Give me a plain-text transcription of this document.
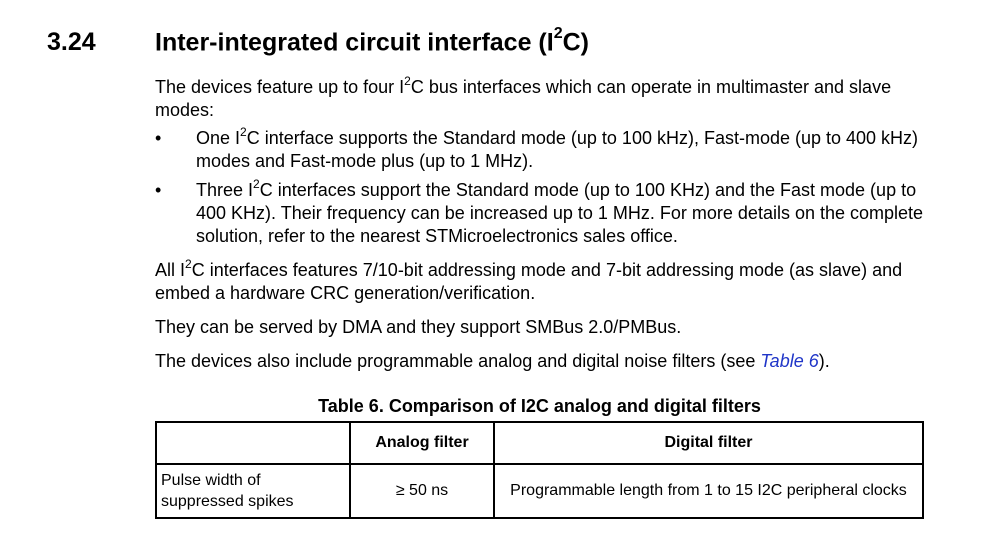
3.24 Inter-integrated circuit interface $(I^2C)$
The devices feature up to four $I^2C$ bus interfaces which can operate in multimaster and slave modes:
• One $I^2C$ interface supports the Standard mode (up to 100 kHz), Fast-mode (up to 400 kHz) modes and Fast-mode plus (up to 1 MHz).
• Three $I^2C$ interfaces support the Standard mode (up to 100 KHz) and the Fast mode (up to 400 KHz). Their frequency can be increased up to 1 MHz. For more details on the complete solution, refer to the nearest STMicroelectronics sales office.
All $I^2C$ interfaces features 7/10-bit addressing mode and 7-bit addressing mode (as slave) and embed a hardware CRC generation/verification.
They can be served by DMA and they support SMBus 2.0/PMBus.
The devices also include programmable analog and digital noise filters (see Table 6).
Table 6. Comparison of I2C analog and digital filters
	Analog filter	Digital filter
Pulse width of suppressed spikes	≥ 50 ns	Programmable length from 1 to 15 I2C peripheral clocks
